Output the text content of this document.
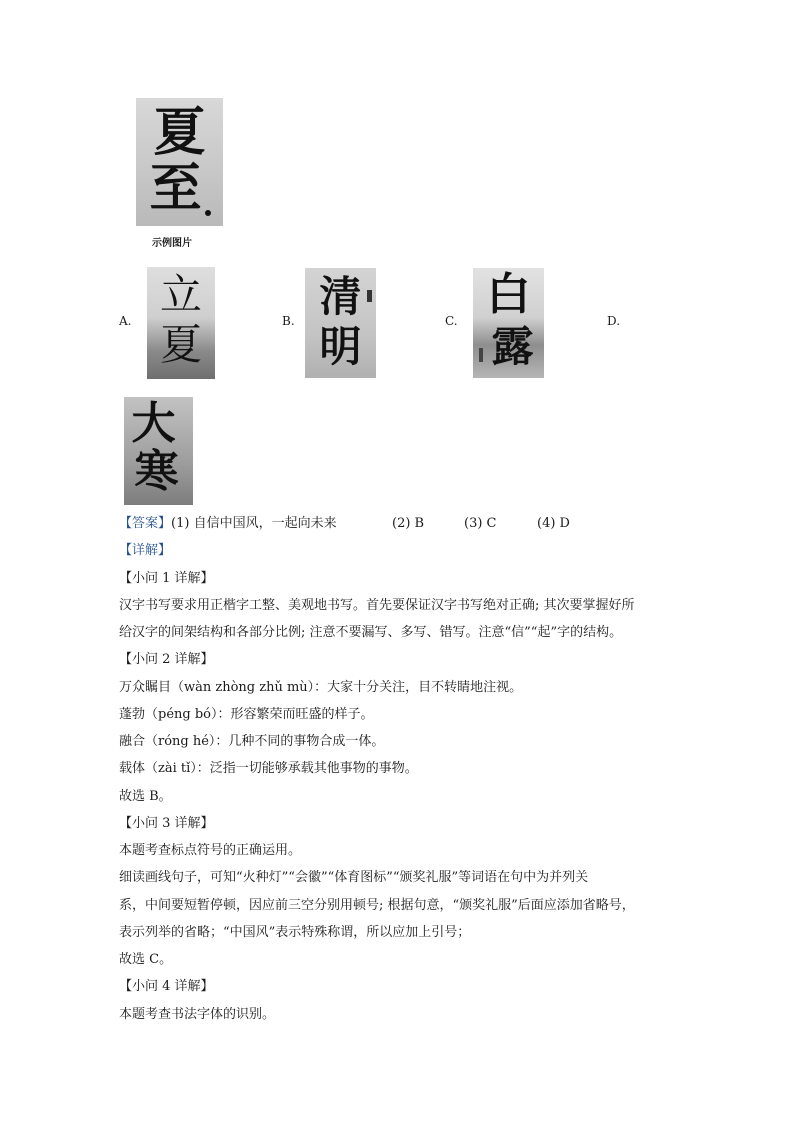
夏
至
示例图片
A.
立
夏	B. 清
明
C.
白
露
D.
大
寒
【答案】(1) 自信中国风，一起向未来	(2) B	(3) C	(4) D
【详解】
【小问 1 详解】
汉字书写要求用正楷字工整、美观地书写。首先要保证汉字书写绝对正确; 其次要掌握好所
给汉字的间架结构和各部分比例; 注意不要漏写、多写、错写。注意“信”“起”字的结构。
【小问 2 详解】
万众瞩目（wàn zhòng zhǔ mù）：大家十分关注，目不转睛地注视。
蓬勃（péng bó）：形容繁荣而旺盛的样子。
融合（róng hé）：几种不同的事物合成一体。
载体（zài tǐ）：泛指一切能够承载其他事物的事物。
故选 B。
【小问 3 详解】
本题考查标点符号的正确运用。
细读画线句子，可知“火种灯”“会徽”“体育图标”“颁奖礼服”等词语在句中为并列关
系，中间要短暂停顿，因应前三空分别用顿号; 根据句意，“颁奖礼服”后面应添加省略号，
表示列举的省略；“中国风”表示特殊称谓，所以应加上引号；
故选 C。
【小问 4 详解】
本题考查书法字体的识别。
